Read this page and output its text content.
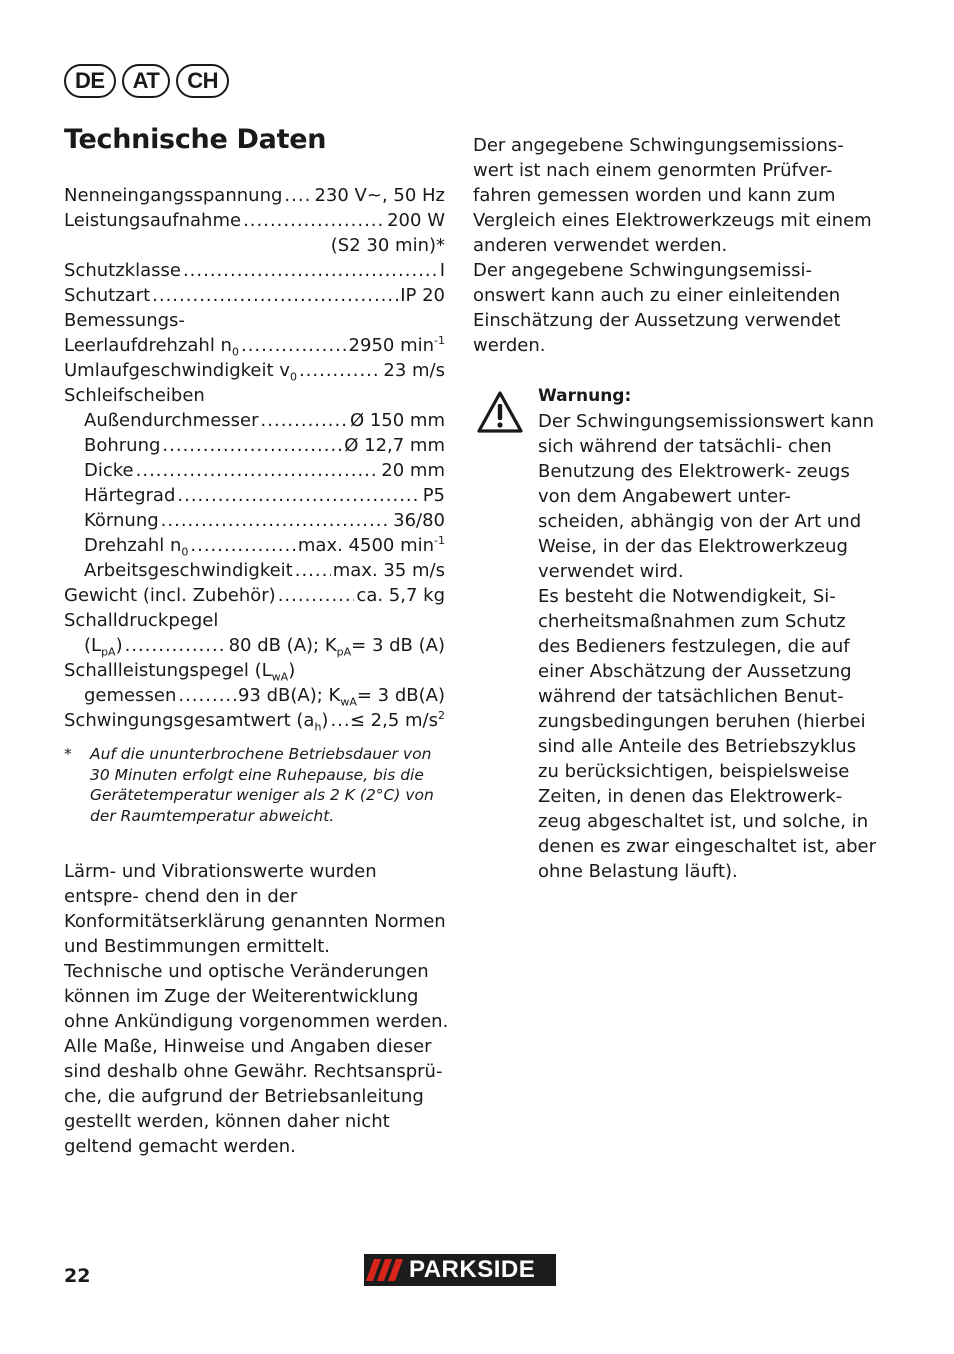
DE	AT	CH
Technische Daten
Nenneingangsspannung ..... 230 V~, 50 Hz
Leistungsaufnahme .....	200 W
(S2 30 min)*
Schutzklasse .....	I
Schutzart .....	IP 20
Bemessungs-
Leerlaufdrehzahl $n_0$ .....	2950 $\min^{-1}$
Umlaufgeschwindigkeit $v_0$ .....	23 m/s
Schleifscheiben
Außendurchmesser .....	Ø 150 mm
Bohrung .....	Ø 12,7 mm
Dicke .....	20 mm
Härtegrad .....	P5
Körnung .....	36/80
Drehzahl $n_0$ .....	max. 4500 $\min^{-1}$
Arbeitsgeschwindigkeit ..... max. 35 m/s
Gewicht (incl. Zubehör) .....	ca. 5,7 kg
Schalldruckpegel
$(L_{pA})$ .....	80 dB (A); $K_{pA}= 3$ dB (A)
Schallleistungspegel $(L_{wA})$
gemessen .....	93 dB(A); $K_{wA}= 3$ dB(A)
Schwingungsgesamtwert $(a_h)$ ..... ≤ 2,5 $m/s^2$
*	Auf die ununterbrochene Betriebsdauer von 30 Minuten erfolgt eine Ruhepause, bis die Gerätetemperatur weniger als 2 K (2°C) von der Raumtemperatur abweicht.
Lärm- und Vibrationswerte wurden entspre- chend den in der Konformitätserklärung genannten Normen und Bestimmungen ermittelt.
Technische und optische Veränderungen können im Zuge der Weiterentwicklung ohne Ankündigung vorgenommen werden. Alle Maße, Hinweise und Angaben dieser sind deshalb ohne Gewähr. Rechtsansprü- che, die aufgrund der Betriebsanleitung gestellt werden, können daher nicht geltend gemacht werden.
Der angegebene Schwingungsemissions- wert ist nach einem genormten Prüfver- fahren gemessen worden und kann zum Vergleich eines Elektrowerkzeugs mit einem anderen verwendet werden.
Der angegebene Schwingungsemissi- onswert kann auch zu einer einleitenden Einschätzung der Aussetzung verwendet werden.
Warnung:
Der Schwingungsemissionswert kann sich während der tatsächli- chen Benutzung des Elektrowerk- zeugs von dem Angabewert unter- scheiden, abhängig von der Art und Weise, in der das Elektrowerkzeug verwendet wird.
Es besteht die Notwendigkeit, Si- cherheitsmaßnahmen zum Schutz des Bedieners festzulegen, die auf einer Abschätzung der Aussetzung während der tatsächlichen Benut- zungsbedingungen beruhen (hierbei sind alle Anteile des Betriebszyklus zu berücksichtigen, beispielsweise Zeiten, in denen das Elektrowerk- zeug abgeschaltet ist, und solche, in denen es zwar eingeschaltet ist, aber ohne Belastung läuft).
22	PARKSIDE
